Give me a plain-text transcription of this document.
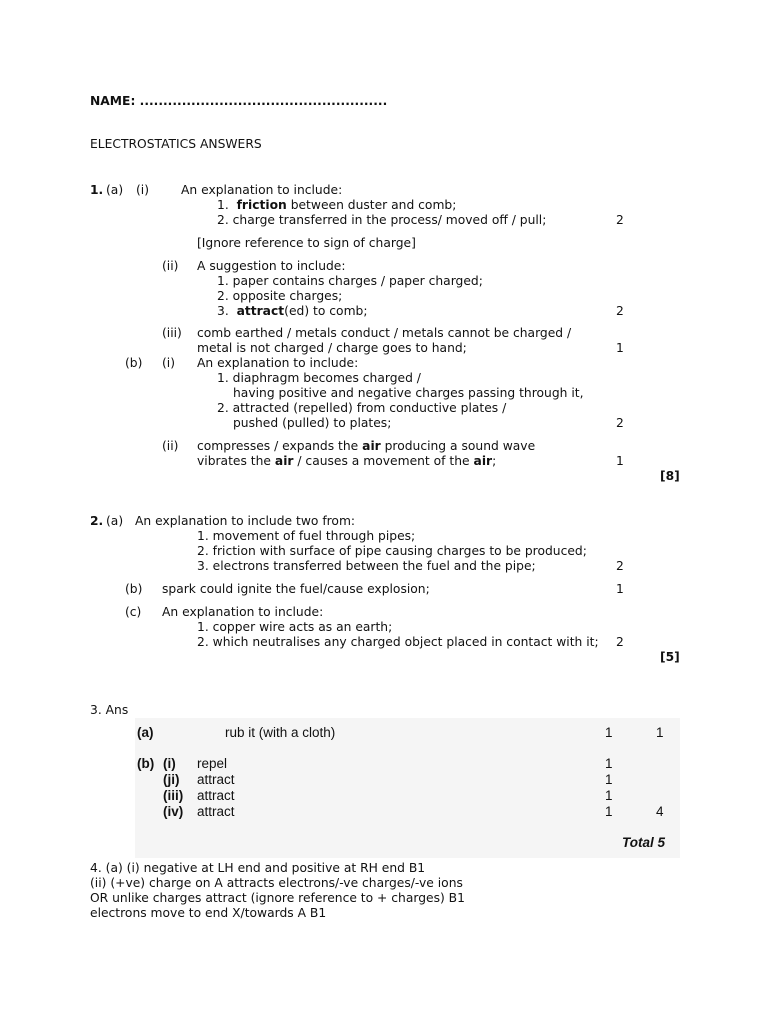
NAME: .....................................................
ELECTROSTATICS ANSWERS
1. (a) (i)	An explanation to include:
1. friction between duster and comb;
2. charge transferred in the process/ moved off / pull;	2
[Ignore reference to sign of charge]
(ii) A suggestion to include:
1. paper contains charges / paper charged;
2. opposite charges;
3. attract(ed) to comb;	2
(iii) comb earthed / metals conduct / metals cannot be charged /
metal is not charged / charge goes to hand;	1
(b) (i) An explanation to include:
1. diaphragm becomes charged /
having positive and negative charges passing through it,
2. attracted (repelled) from conductive plates /
pushed (pulled) to plates;	2
(ii) compresses / expands the air producing a sound wave
vibrates the air / causes a movement of the air;	1
[8]
2. (a) An explanation to include two from:
1. movement of fuel through pipes;
2. friction with surface of pipe causing charges to be produced;
3. electrons transferred between the fuel and the pipe;	2
(b) spark could ignite the fuel/cause explosion;	1
(c) An explanation to include:
1. copper wire acts as an earth;
2. which neutralises any charged object placed in contact with it; 2
[5]
3. Ans
(a)	rub it (with a cloth)	1	1
(b) (i) repel	1
(ji) attract	1
(iii) attract	1
(iv) attract	1	4
Total 5
4. (a) (i) negative at LH end and positive at RH end B1
(ii) (+ve) charge on A attracts electrons/-ve charges/-ve ions
OR unlike charges attract (ignore reference to + charges) B1
electrons move to end X/towards A B1
